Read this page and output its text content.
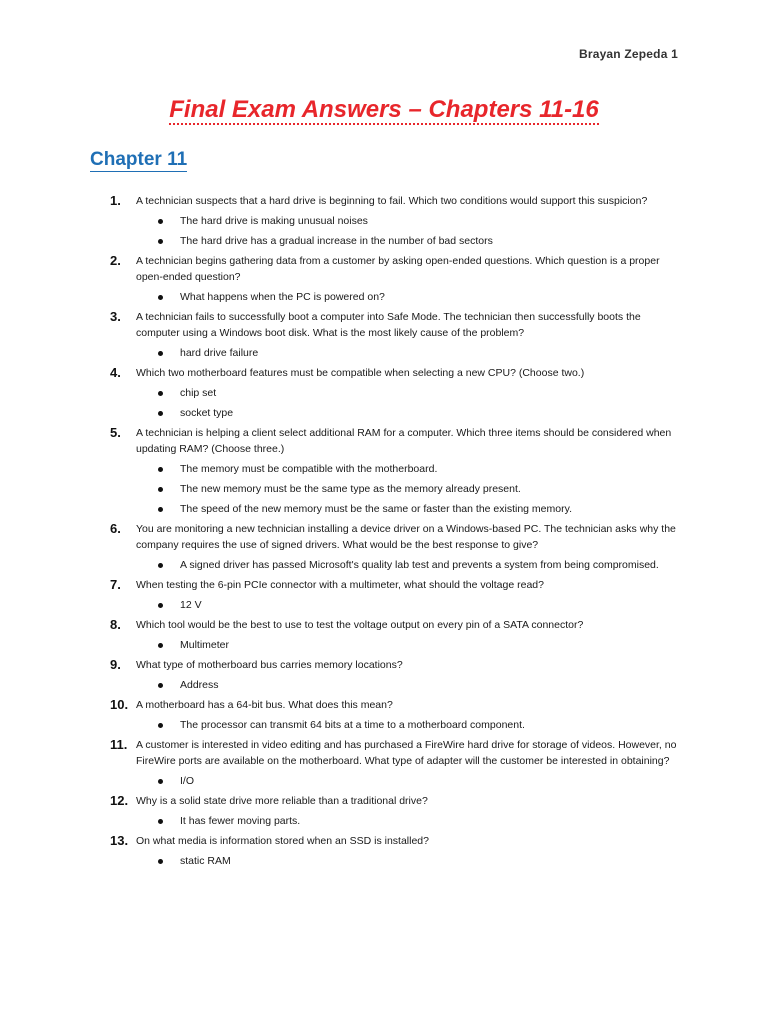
Brayan Zepeda 1
Final Exam Answers – Chapters 11-16
Chapter 11
1.	A technician suspects that a hard drive is beginning to fail. Which two conditions would support this suspicion?
The hard drive is making unusual noises
The hard drive has a gradual increase in the number of bad sectors
2.	A technician begins gathering data from a customer by asking open-ended questions. Which question is a proper open-ended question?
What happens when the PC is powered on?
3.	A technician fails to successfully boot a computer into Safe Mode. The technician then successfully boots the computer using a Windows boot disk. What is the most likely cause of the problem?
hard drive failure
4.	Which two motherboard features must be compatible when selecting a new CPU? (Choose two.)
chip set
socket type
5.	A technician is helping a client select additional RAM for a computer. Which three items should be considered when updating RAM? (Choose three.)
The memory must be compatible with the motherboard.
The new memory must be the same type as the memory already present.
The speed of the new memory must be the same or faster than the existing memory.
6.	You are monitoring a new technician installing a device driver on a Windows-based PC. The technician asks why the company requires the use of signed drivers. What would be the best response to give?
A signed driver has passed Microsoft's quality lab test and prevents a system from being compromised.
7.	When testing the 6-pin PCIe connector with a multimeter, what should the voltage read?
12 V
8.	Which tool would be the best to use to test the voltage output on every pin of a SATA connector?
Multimeter
9.	What type of motherboard bus carries memory locations?
Address
10. A motherboard has a 64-bit bus. What does this mean?
The processor can transmit 64 bits at a time to a motherboard component.
11. A customer is interested in video editing and has purchased a FireWire hard drive for storage of videos. However, no FireWire ports are available on the motherboard. What type of adapter will the customer be interested in obtaining?
I/O
12. Why is a solid state drive more reliable than a traditional drive?
It has fewer moving parts.
13. On what media is information stored when an SSD is installed?
static RAM
